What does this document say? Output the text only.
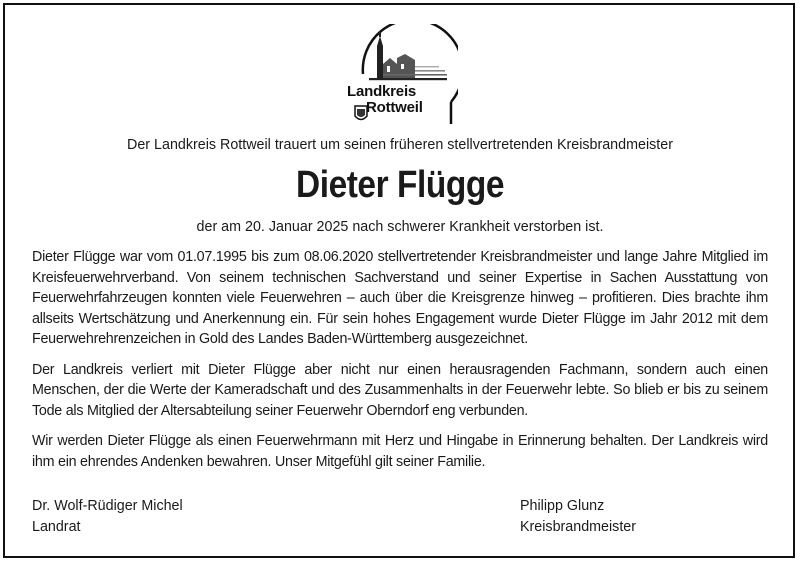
Landkreis
Rottweil
Der Landkreis Rottweil trauert um seinen früheren stellvertretenden Kreisbrandmeister
Dieter Flügge
der am 20. Januar 2025 nach schwerer Krankheit verstorben ist.

Dieter Flügge war vom 01.07.1995 bis zum 08.06.2020 stellvertretender Kreisbrandmeister und lange Jahre Mitglied im Kreisfeuerwehrverband. Von seinem technischen Sachverstand und seiner Expertise in Sachen Ausstattung von Feuerwehrfahrzeugen konnten viele Feuerwehren – auch über die Kreisgrenze hinweg – profitieren. Dies brachte ihm allseits Wertschätzung und Anerkennung ein. Für sein hohes Engagement wurde Dieter Flügge im Jahr 2012 mit dem Feuerwehrehrenzeichen in Gold des Landes Baden-Württemberg ausgezeichnet.

Der Landkreis verliert mit Dieter Flügge aber nicht nur einen herausragenden Fachmann, sondern auch einen Menschen, der die Werte der Kameradschaft und des Zusammenhalts in der Feuerwehr lebte. So blieb er bis zu seinem Tode als Mitglied der Altersabteilung seiner Feuerwehr Oberndorf eng verbunden.

Wir werden Dieter Flügge als einen Feuerwehrmann mit Herz und Hingabe in Erinnerung behalten. Der Landkreis wird ihm ein ehrendes Andenken bewahren. Unser Mitgefühl gilt seiner Familie.

Dr. Wolf-Rüdiger Michel
Landrat
Philipp Glunz
Kreisbrandmeister
